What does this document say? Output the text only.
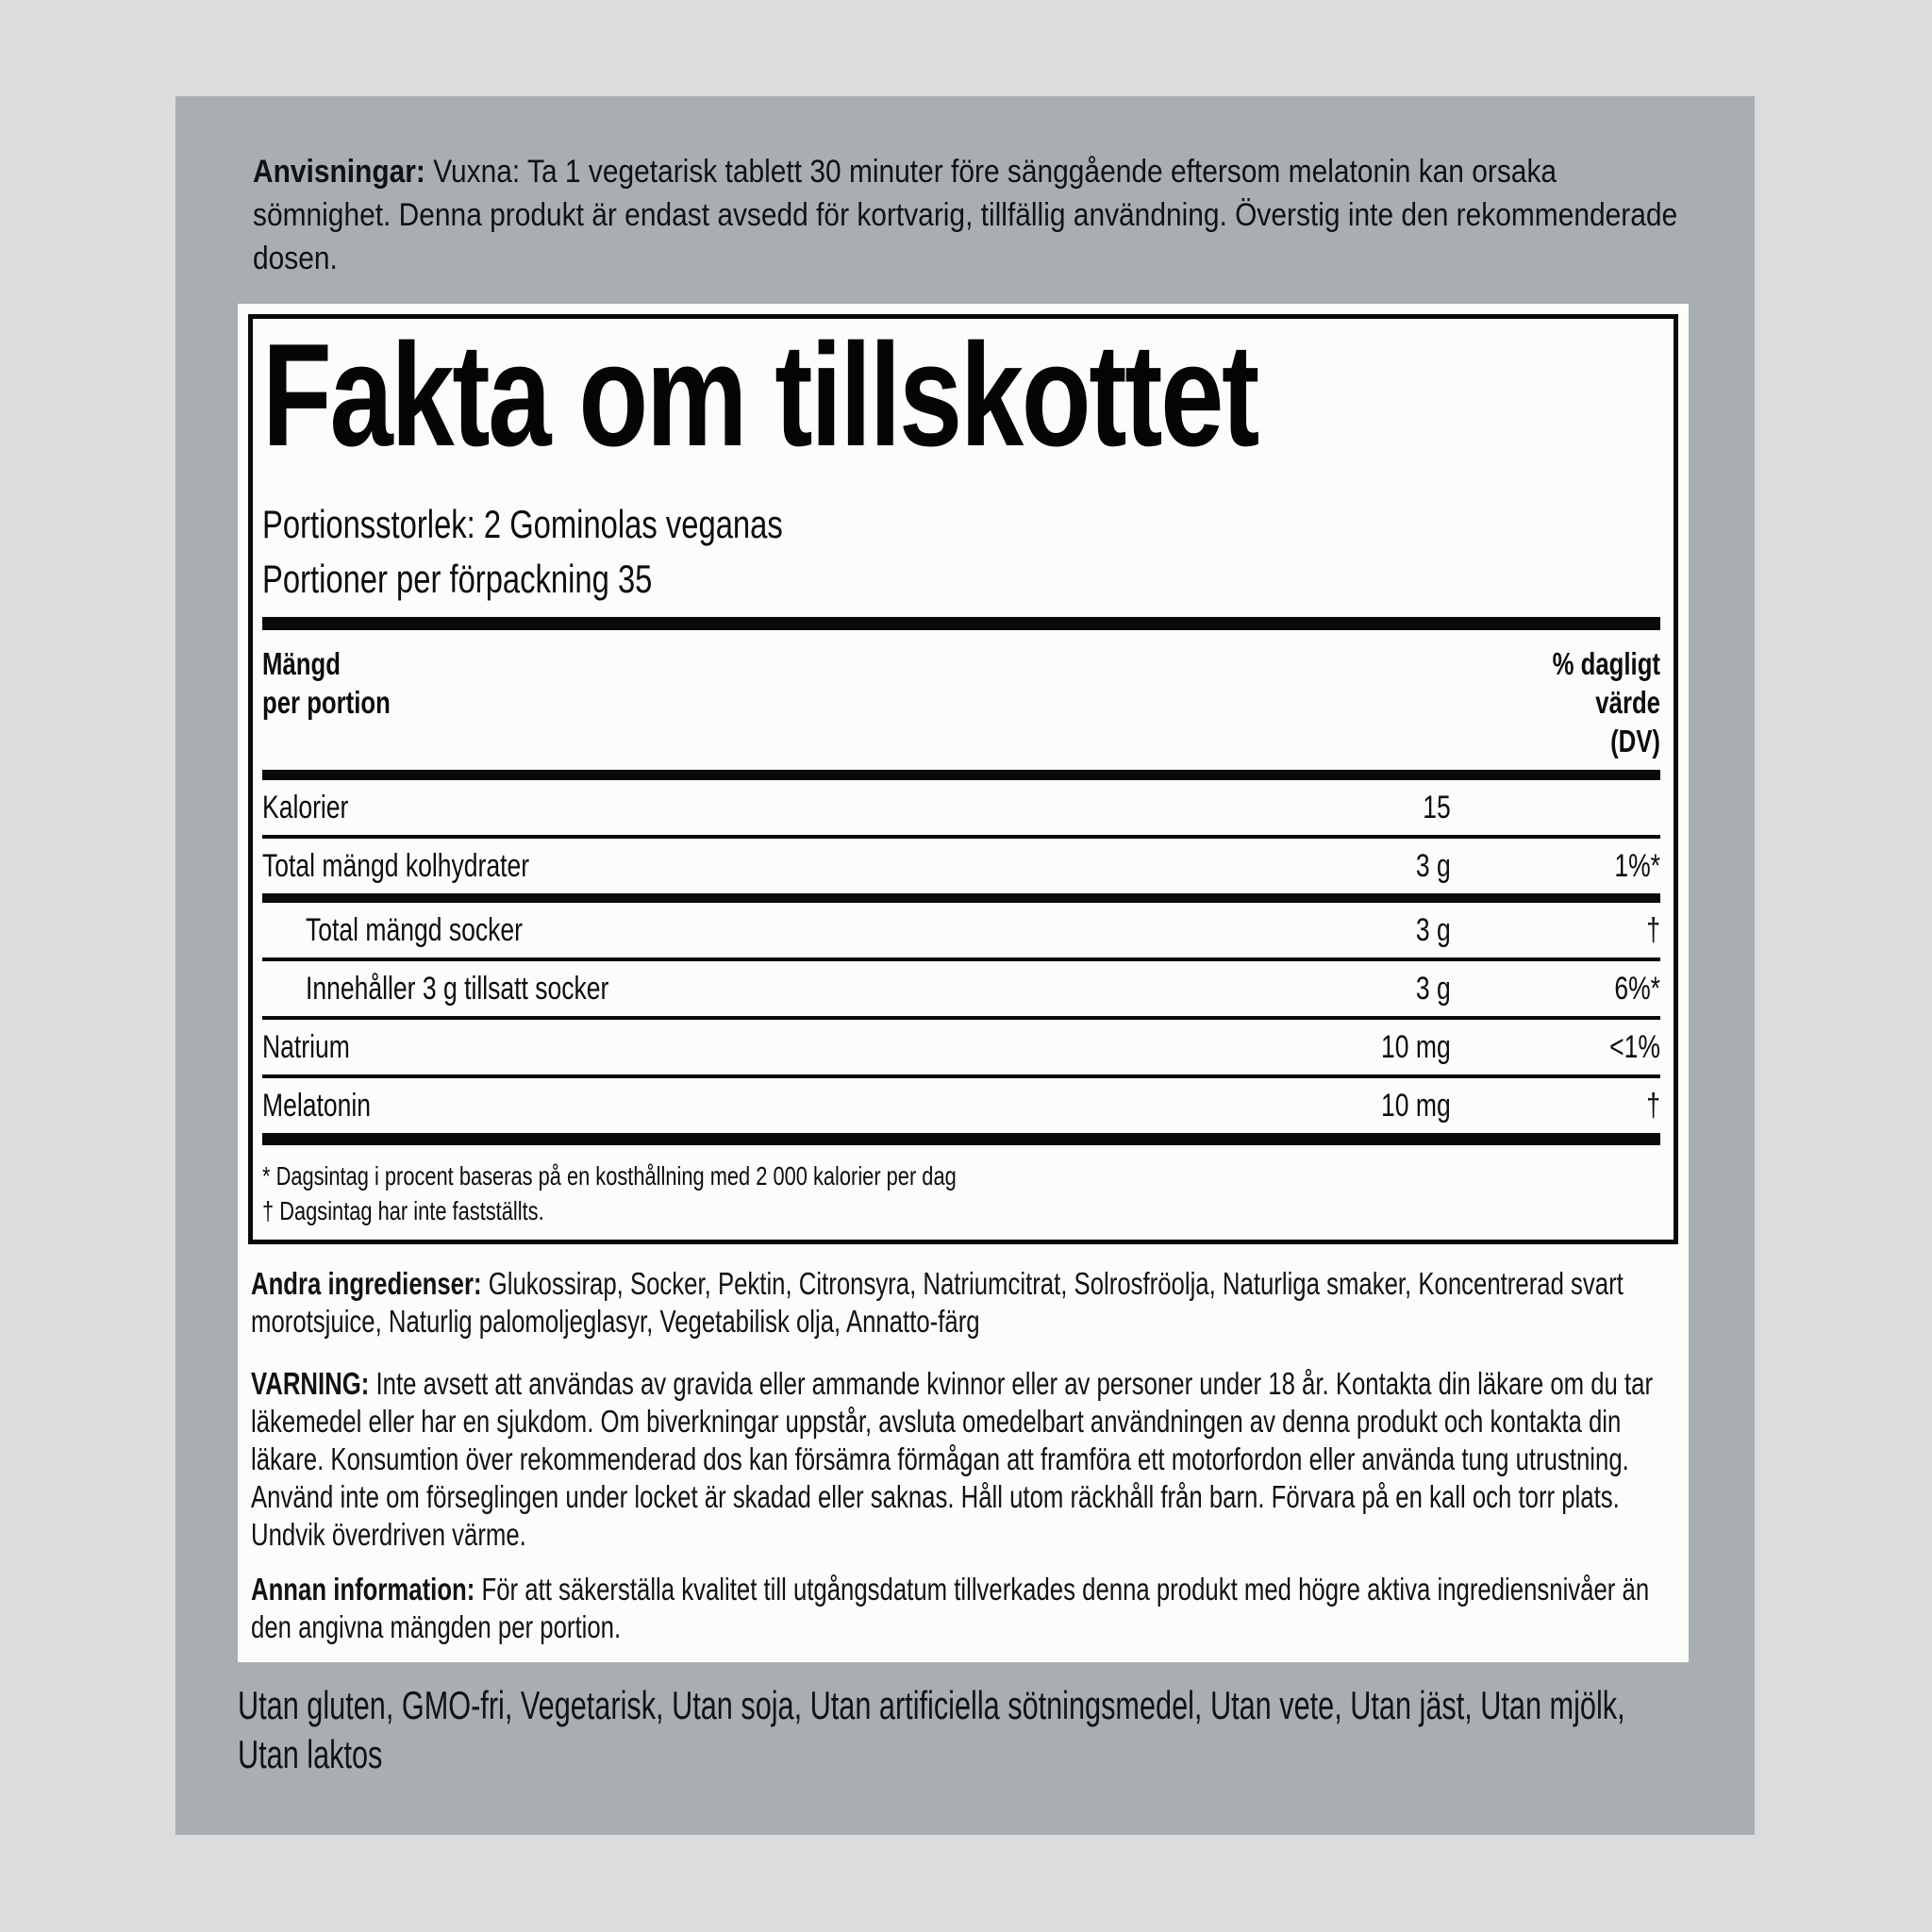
Anvisningar: Vuxna: Ta 1 vegetarisk tablett 30 minuter före sänggående eftersom melatonin kan orsaka sömnighet. Denna produkt är endast avsedd för kortvarig, tillfällig användning. Överstig inte den rekommenderade dosen.
Fakta om tillskottet
Portionsstorlek: 2 Gominolas veganas
Portioner per förpackning 35
Mängd
per portion
% dagligt
värde
(DV)
Kalorier	15
Total mängd kolhydrater	3 g	1%*
Total mängd socker	3 g	†
Innehåller 3 g tillsatt socker	3 g	6%*
Natrium	10 mg	<1%
Melatonin	10 mg	†
* Dagsintag i procent baseras på en kosthållning med 2 000 kalorier per dag
† Dagsintag har inte fastställts.
Andra ingredienser: Glukossirap, Socker, Pektin, Citronsyra, Natriumcitrat, Solrosfröolja, Naturliga smaker, Koncentrerad svart morotsjuice, Naturlig palomoljeglasyr, Vegetabilisk olja, Annatto-färg
VARNING: Inte avsett att användas av gravida eller ammande kvinnor eller av personer under 18 år. Kontakta din läkare om du tar läkemedel eller har en sjukdom. Om biverkningar uppstår, avsluta omedelbart användningen av denna produkt och kontakta din läkare. Konsumtion över rekommenderad dos kan försämra förmågan att framföra ett motorfordon eller använda tung utrustning. Använd inte om förseglingen under locket är skadad eller saknas. Håll utom räckhåll från barn. Förvara på en kall och torr plats. Undvik överdriven värme.
Annan information: För att säkerställa kvalitet till utgångsdatum tillverkades denna produkt med högre aktiva ingrediensnivåer än den angivna mängden per portion.
Utan gluten, GMO-fri, Vegetarisk, Utan soja, Utan artificiella sötningsmedel, Utan vete, Utan jäst, Utan mjölk, Utan laktos
